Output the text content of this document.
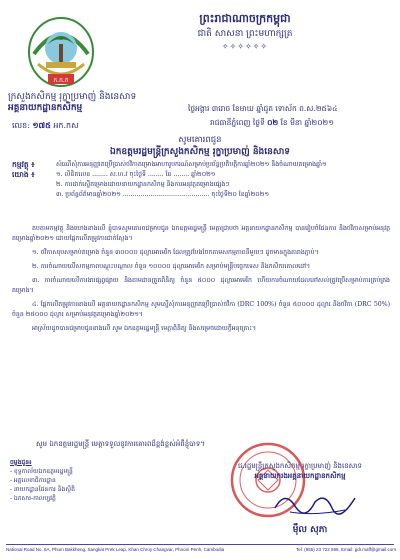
ក.ក.ក
ព្រះរាជាណាចក្រកម្ពុជា
ជាតិ សាសនា ព្រះមហាក្សត្រ
✧✧✧✧✧✧
ក្រសួងកសិកម្ម រុក្ខាប្រមាញ់ និងនេសាទ
អគ្គនាយកដ្ឋានកសិកម្ម	ថ្ងៃអង្គារ ៣រោច ខែមាឃ ឆ្នាំជូត ទោស័ក ព.ស.២៥៦៤
រាជធានីភ្នំពេញ ថ្ងៃទី ០២ ខែ មីនា ឆ្នាំ២០២១
លេខ: ១៧៥ អក.កស
សូមគោរពជូន
ឯកឧត្តមរដ្ឋមន្ត្រីក្រសួងកសិកម្ម រុក្ខាប្រមាញ់ និងនេសាទ
កម្មវត្ថុ ៖
យោង ៖
សំណើសុំការអនុញ្ញាតប្រើប្រាស់ថវិកាគម្រោងអាហារូបករណ៍សម្រាប់ប្រព័ន្ធប្រតិបត្តិការឆ្នាំ២០២១ និងចំណាយគម្រោងឆ្នាំ១
១. លិខិតលេខ ........ ស.ហ.វ ចុះថ្ងៃទី ........ ខែ ........ ឆ្នាំ២០២១
២. ការដាក់ស្នើគម្រោងដោយនាយកដ្ឋានកសិកម្ម និងការអនុវត្តគម្រោងផ្សេងៗ
៣. ប្រព័ន្ធព័ត៌មានឆ្នាំ២០២១ ............................................ ចុះថ្ងៃទី២០ ខែឆ្នាំ២០២១

តបតាមកម្មវត្ថុ និងយោងខាងលើ ខ្ញុំបាទសូមគោរពជម្រាបជូន ឯកឧត្តមរដ្ឋមន្ត្រី មេត្តាជ្រាបថា អគ្គនាយកដ្ឋានកសិកម្ម បានរៀបចំផែនការ និងថវិកាសម្រាប់អនុវត្តគម្រោងឆ្នាំ២០២១ ដោយផ្អែកលើតម្រូវការជាក់ស្តែង។

១. ថវិកាសរុបសម្រាប់គម្រោង ចំនួន ៣០០០០ ដុល្លារអាមេរិក ដែលត្រូវបែងចែកតាមសកម្មភាពនីមួយៗ ដូចមានក្នុងតារាងភ្ជាប់។

២. ការចំណាយលើសកម្មភាពបណ្តុះបណ្តាល ចំនួន ១០០០០ ដុល្លារអាមេរិក សម្រាប់មន្ត្រីបច្ចេកទេស និងកសិករគោលដៅ។

៣. ការចំណាយលើការងារផ្សព្វផ្សាយ និងតាមដានត្រួតពិនិត្យ ចំនួន ៥០០០ ដុល្លារអាមេរិក ហើយការចំណាយដែលនៅសល់ត្រូវប្រើសម្រាប់ការគ្រប់គ្រងគម្រោង។

៤. ផ្អែកលើតម្រូវការខាងលើ អគ្គនាយកដ្ឋានកសិកម្ម សូមស្នើសុំការអនុញ្ញាតប្រើប្រាស់ថវិកា (DRC 100%) ចំនួន ៥០០០០ ដុល្លារ និងថវិកា (DRC 50%) ចំនួន ២៥០០០ ដុល្លារ សម្រាប់អនុវត្តគម្រោងឆ្នាំ២០២១។

អាស្រ័យដូចបានជម្រាបជូនខាងលើ សូម ឯកឧត្តមរដ្ឋមន្ត្រី មេត្តាពិនិត្យ និងសម្រេចដោយក្តីអនុគ្រោះ។

សូម ឯកឧត្តមរដ្ឋមន្ត្រី មេត្តាទទួលនូវការគោរពដ៏ខ្ពង់ខ្ពស់អំពីខ្ញុំបាទ។
ចម្លងជូន៖
- ខុទ្ទកាល័យឯកឧត្តមរដ្ឋមន្ត្រី
- អគ្គលេខាធិការដ្ឋាន
- នាយកដ្ឋានផែនការ និងស្ថិតិ
- ឯកសារ-កាលប្បវត្តិ
ជ.រដ្ឋមន្ត្រីក្រសួងកសិកម្ម រុក្ខាប្រមាញ់ និងនេសាទ
អគ្គនាយករងអគ្គនាយកដ្ឋានកសិកម្ម
ម៉ឹល សុភា
National Road No. 6A, Phum Bakkheng, Sangkat Prek Leap, Khan Chroy Changvar, Phnom Penh, Cambodia	Tel: (855) 23 722 596, Email: gdr.maff@gmail.com
